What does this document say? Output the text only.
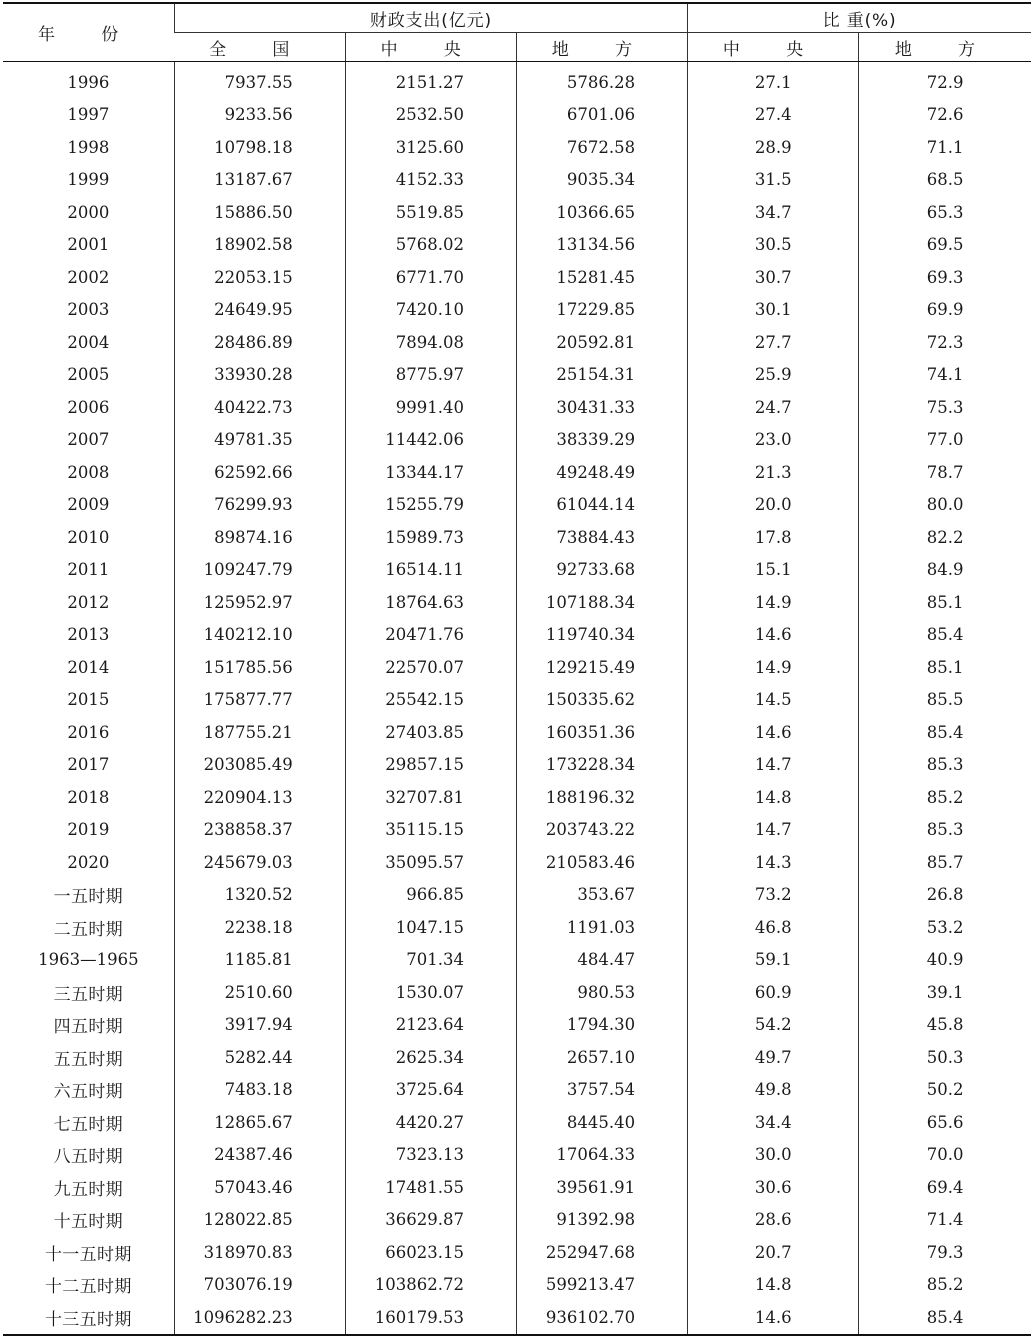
年 份	财政支出(亿元)			比 重(%)	
	全 国	中 央	地 方	中 央	地 方
1996	7937.55	2151.27	5786.28	27.1	72.9
1997	9233.56	2532.50	6701.06	27.4	72.6
1998	10798.18	3125.60	7672.58	28.9	71.1
1999	13187.67	4152.33	9035.34	31.5	68.5
2000	15886.50	5519.85	10366.65	34.7	65.3
2001	18902.58	5768.02	13134.56	30.5	69.5
2002	22053.15	6771.70	15281.45	30.7	69.3
2003	24649.95	7420.10	17229.85	30.1	69.9
2004	28486.89	7894.08	20592.81	27.7	72.3
2005	33930.28	8775.97	25154.31	25.9	74.1
2006	40422.73	9991.40	30431.33	24.7	75.3
2007	49781.35	11442.06	38339.29	23.0	77.0
2008	62592.66	13344.17	49248.49	21.3	78.7
2009	76299.93	15255.79	61044.14	20.0	80.0
2010	89874.16	15989.73	73884.43	17.8	82.2
2011	109247.79	16514.11	92733.68	15.1	84.9
2012	125952.97	18764.63	107188.34	14.9	85.1
2013	140212.10	20471.76	119740.34	14.6	85.4
2014	151785.56	22570.07	129215.49	14.9	85.1
2015	175877.77	25542.15	150335.62	14.5	85.5
2016	187755.21	27403.85	160351.36	14.6	85.4
2017	203085.49	29857.15	173228.34	14.7	85.3
2018	220904.13	32707.81	188196.32	14.8	85.2
2019	238858.37	35115.15	203743.22	14.7	85.3
2020	245679.03	35095.57	210583.46	14.3	85.7
一五时期	1320.52	966.85	353.67	73.2	26.8
二五时期	2238.18	1047.15	1191.03	46.8	53.2
1963—1965	1185.81	701.34	484.47	59.1	40.9
三五时期	2510.60	1530.07	980.53	60.9	39.1
四五时期	3917.94	2123.64	1794.30	54.2	45.8
五五时期	5282.44	2625.34	2657.10	49.7	50.3
六五时期	7483.18	3725.64	3757.54	49.8	50.2
七五时期	12865.67	4420.27	8445.40	34.4	65.6
八五时期	24387.46	7323.13	17064.33	30.0	70.0
九五时期	57043.46	17481.55	39561.91	30.6	69.4
十五时期	128022.85	36629.87	91392.98	28.6	71.4
十一五时期	318970.83	66023.15	252947.68	20.7	79.3
十二五时期	703076.19	103862.72	599213.47	14.8	85.2
十三五时期	1096282.23	160179.53	936102.70	14.6	85.4
